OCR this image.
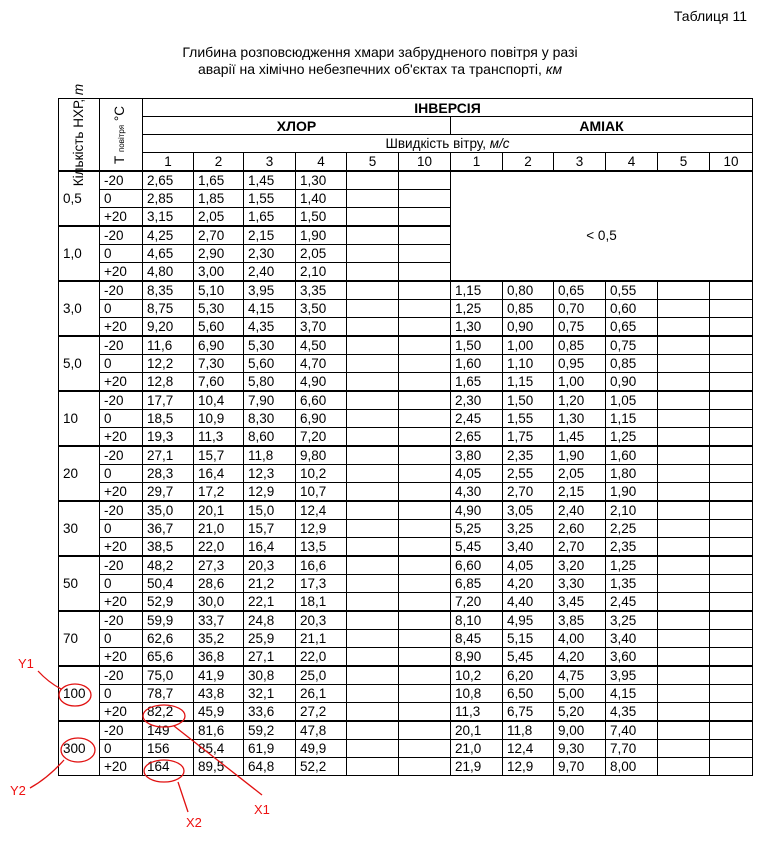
Таблиця 11
Глибина розповсюдження хмари забрудненого повітря у разі
аварії на хімічно небезпечних об'єктах та транспорті, км
Кількість НХР, т	Т повітря °С	ІНВЕРСІЯ											
		ХЛОР						АМІАК					
		Швидкість вітру, м/с											
		1	2	3	4	5	10	1	2	3	4	5	10
0,5	-20	2,65	1,65	1,45	1,30			< 0,5					
	0	2,85	1,85	1,55	1,40								
	+20	3,15	2,05	1,65	1,50								
1,0	-20	4,25	2,70	2,15	1,90								
	0	4,65	2,90	2,30	2,05								
	+20	4,80	3,00	2,40	2,10								
3,0	-20	8,35	5,10	3,95	3,35			1,15	0,80	0,65	0,55		
	0	8,75	5,30	4,15	3,50			1,25	0,85	0,70	0,60		
	+20	9,20	5,60	4,35	3,70			1,30	0,90	0,75	0,65		
5,0	-20	11,6	6,90	5,30	4,50			1,50	1,00	0,85	0,75		
	0	12,2	7,30	5,60	4,70			1,60	1,10	0,95	0,85		
	+20	12,8	7,60	5,80	4,90			1,65	1,15	1,00	0,90		
10	-20	17,7	10,4	7,90	6,60			2,30	1,50	1,20	1,05		
	0	18,5	10,9	8,30	6,90			2,45	1,55	1,30	1,15		
	+20	19,3	11,3	8,60	7,20			2,65	1,75	1,45	1,25		
20	-20	27,1	15,7	11,8	9,80			3,80	2,35	1,90	1,60		
	0	28,3	16,4	12,3	10,2			4,05	2,55	2,05	1,80		
	+20	29,7	17,2	12,9	10,7			4,30	2,70	2,15	1,90		
30	-20	35,0	20,1	15,0	12,4			4,90	3,05	2,40	2,10		
	0	36,7	21,0	15,7	12,9			5,25	3,25	2,60	2,25		
	+20	38,5	22,0	16,4	13,5			5,45	3,40	2,70	2,35		
50	-20	48,2	27,3	20,3	16,6			6,60	4,05	3,20	1,25		
	0	50,4	28,6	21,2	17,3			6,85	4,20	3,30	1,35		
	+20	52,9	30,0	22,1	18,1			7,20	4,40	3,45	2,45		
70	-20	59,9	33,7	24,8	20,3			8,10	4,95	3,85	3,25		
	0	62,6	35,2	25,9	21,1			8,45	5,15	4,00	3,40		
	+20	65,6	36,8	27,1	22,0			8,90	5,45	4,20	3,60		
100	-20	75,0	41,9	30,8	25,0			10,2	6,20	4,75	3,95		
	0	78,7	43,8	32,1	26,1			10,8	6,50	5,00	4,15		
	+20	82,2	45,9	33,6	27,2			11,3	6,75	5,20	4,35		
300	-20	149	81,6	59,2	47,8			20,1	11,8	9,00	7,40		
	0	156	85,4	61,9	49,9			21,0	12,4	9,30	7,70		
	+20	164	89,5	64,8	52,2			21,9	12,9	9,70	8,00		
Y1
Y2
X1
X2
